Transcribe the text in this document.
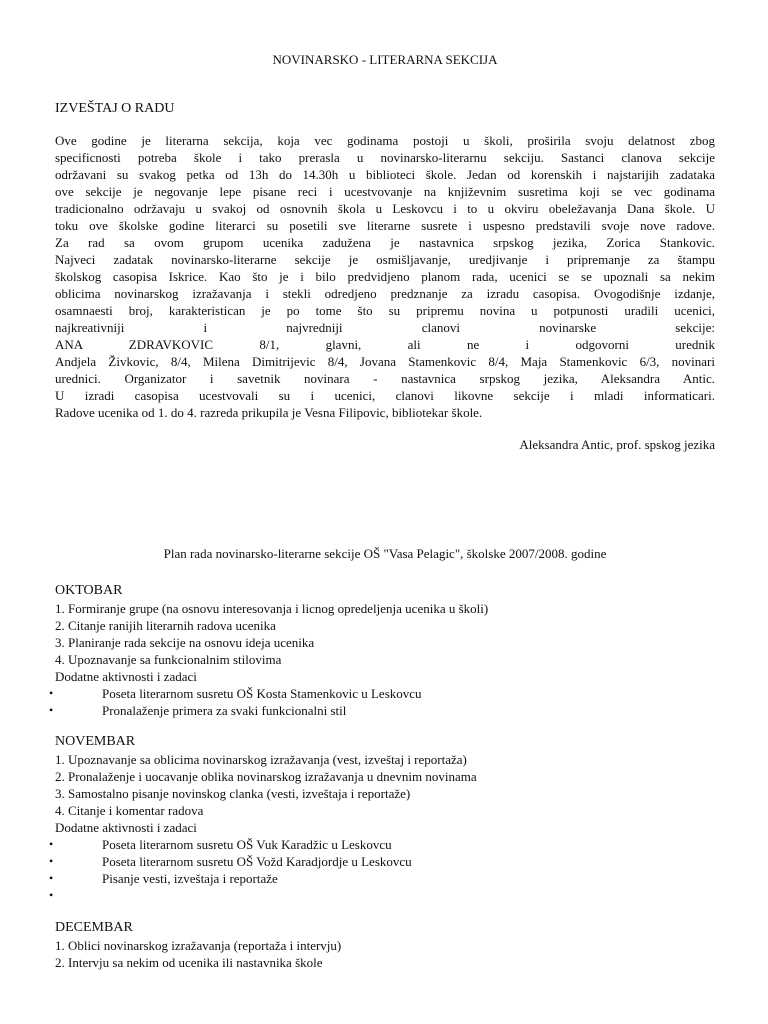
NOVINARSKO - LITERARNA SEKCIJA
IZVEŠTAJ O RADU

Ove godine je literarna sekcija, koja vec godinama postoji u školi, proširila svoju delatnost zbog
specificnosti potreba škole i tako prerasla u novinarsko-literarnu sekciju. Sastanci clanova sekcije
održavani su svakog petka od 13h do 14.30h u biblioteci škole. Jedan od korenskih i najstarijih zadataka
ove sekcije je negovanje lepe pisane reci i ucestvovanje na književnim susretima koji se vec godinama
tradicionalno održavaju u svakoj od osnovnih škola u Leskovcu i to u okviru obeležavanja Dana škole. U
toku ove školske godine literarci su posetili sve literarne susrete i uspesno predstavili svoje nove radove.
Za rad sa ovom grupom ucenika zadužena je nastavnica srpskog jezika, Zorica Stankovic.
Najveci zadatak novinarsko-literarne sekcije je osmišljavanje, uredjivanje i pripremanje za štampu
školskog casopisa Iskrice. Kao što je i bilo predvidjeno planom rada, ucenici se se upoznali sa nekim
oblicima novinarskog izražavanja i stekli odredjeno predznanje za izradu casopisa. Ovogodišnje izdanje,
osamnaesti broj, karakteristican je po tome što su pripremu novina u potpunosti uradili ucenici,
najkreativniji i najvredniji clanovi novinarske sekcije:
ANA ZDRAVKOVIC 8/1, glavni, ali ne i odgovorni urednik
Andjela Živkovic, 8/4, Milena Dimitrijevic 8/4, Jovana Stamenkovic 8/4, Maja Stamenkovic 6/3, novinari
urednici. Organizator i savetnik novinara - nastavnica srpskog jezika, Aleksandra Antic.
U izradi casopisa ucestvovali su i ucenici, clanovi likovne sekcije i mladi informaticari.
Radove ucenika od 1. do 4. razreda prikupila je Vesna Filipovic, bibliotekar škole.

Aleksandra Antic, prof. spskog jezika
Plan rada novinarsko-literarne sekcije OŠ "Vasa Pelagic", školske 2007/2008. godine
OKTOBAR
1. Formiranje grupe (na osnovu interesovanja i licnog opredeljenja ucenika u školi)
2. Citanje ranijih literarnih radova ucenika
3. Planiranje rada sekcije na osnovu ideja ucenika
4. Upoznavanje sa funkcionalnim stilovima
Dodatne aktivnosti i zadaci
•	Poseta literarnom susretu OŠ Kosta Stamenkovic u Leskovcu
•	Pronalaženje primera za svaki funkcionalni stil
NOVEMBAR
1. Upoznavanje sa oblicima novinarskog izražavanja (vest, izveštaj i reportaža)
2. Pronalaženje i uocavanje oblika novinarskog izražavanja u dnevnim novinama
3. Samostalno pisanje novinskog clanka (vesti, izveštaja i reportaže)
4. Citanje i komentar radova
Dodatne aktivnosti i zadaci
•	Poseta literarnom susretu OŠ Vuk Karadžic u Leskovcu
•	Poseta literarnom susretu OŠ Vožd Karadjordje u Leskovcu
•	Pisanje vesti, izveštaja i reportaže
•
DECEMBAR
1. Oblici novinarskog izražavanja (reportaža i intervju)
2. Intervju sa nekim od ucenika ili nastavnika škole
